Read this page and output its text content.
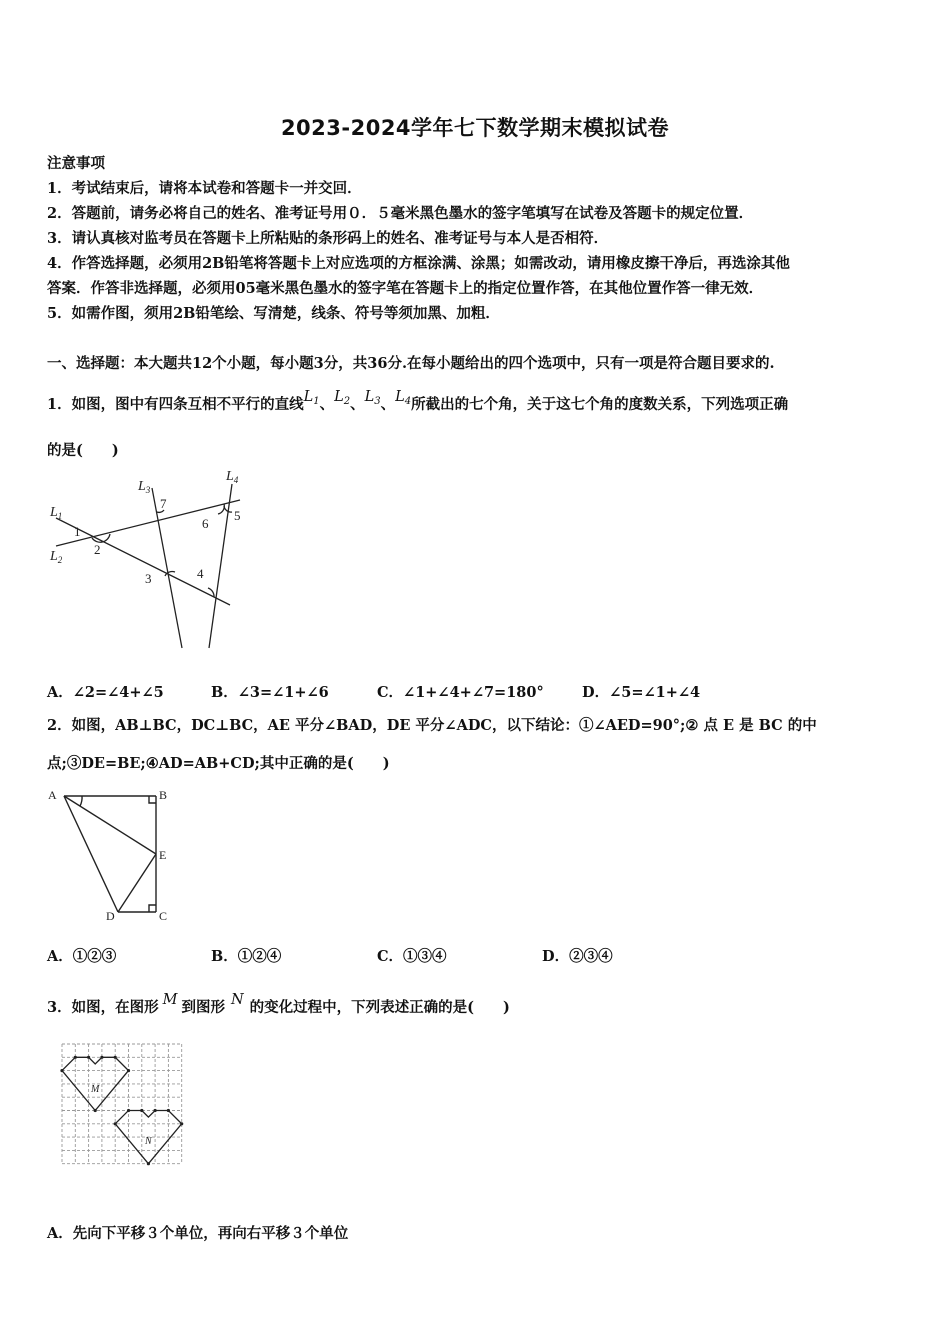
2023-2024学年七下数学期末模拟试卷
注意事项
1．考试结束后，请将本试卷和答题卡一并交回．
2．答题前，请务必将自己的姓名、准考证号用０．５毫米黑色墨水的签字笔填写在试卷及答题卡的规定位置．
3．请认真核对监考员在答题卡上所粘贴的条形码上的姓名、准考证号与本人是否相符．
4．作答选择题，必须用2B铅笔将答题卡上对应选项的方框涂满、涂黑；如需改动，请用橡皮擦干净后，再选涂其他
答案．作答非选择题，必须用05毫米黑色墨水的签字笔在答题卡上的指定位置作答，在其他位置作答一律无效．
5．如需作图，须用2B铅笔绘、写清楚，线条、符号等须加黑、加粗．
一、选择题：本大题共12个小题，每小题3分，共36分.在每小题给出的四个选项中，只有一项是符合题目要求的.
1．如图，图中有四条互相不平行的直线$L_1$、$L_2$、$L_3$、$L_4$所截出的七个角，关于这七个角的度数关系，下列选项正确
的是(　　)
$L_1$
$L_2$
$L_3$
$L_4$
1
2
3	4
5
6
7
A．∠2=∠4+∠5	B．∠3=∠1+∠6	C．∠1+∠4+∠7=180°	D．∠5=∠1+∠4
2．如图，AB⊥BC，DC⊥BC，AE 平分∠BAD，DE 平分∠ADC，以下结论：①∠AED=90°;② 点 E 是 BC 的中
点;③DE=BE;④AD=AB+CD;其中正确的是(　　)
A	B
E
C
D
A．①②③	B．①②④	C．①③④	D．②③④
3．如图，在图形 M 到图形 N 的变化过程中，下列表述正确的是(　　)
M
N
A．先向下平移３个单位，再向右平移３个单位
